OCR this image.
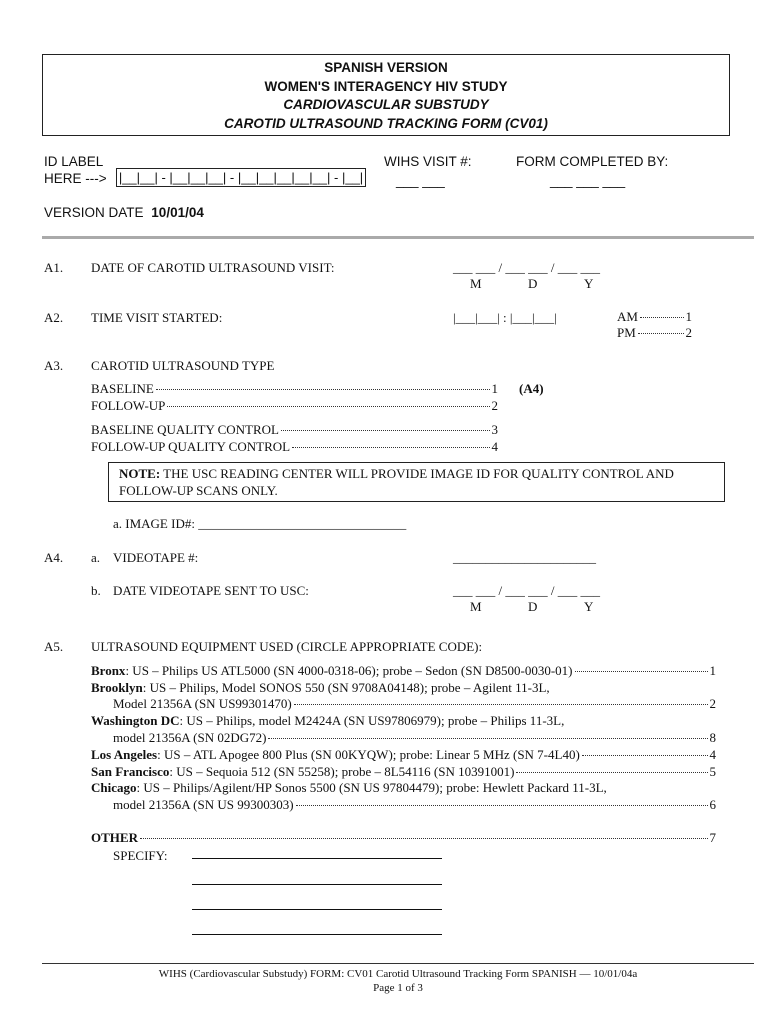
SPANISH VERSION
WOMEN'S INTERAGENCY HIV STUDY
CARDIOVASCULAR SUBSTUDY
CAROTID ULTRASOUND TRACKING FORM (CV01)
ID LABEL
HERE ---> |__|__| - |__|__|__| - |__|__|__|__|__| - |__|
WIHS VISIT #:
___ ___
FORM COMPLETED BY:
___ ___ ___
VERSION DATE 10/01/04
A1. DATE OF CAROTID ULTRASOUND VISIT:	___ ___ / ___ ___ / ___ ___
M	D	Y
A2. TIME VISIT STARTED:	|___|___| : |___|___|	AM	1
PM	2
A3. CAROTID ULTRASOUND TYPE
BASELINE	1
FOLLOW-UP	2
(A4)
BASELINE QUALITY CONTROL	3
FOLLOW-UP QUALITY CONTROL	4
NOTE: THE USC READING CENTER WILL PROVIDE IMAGE ID FOR QUALITY CONTROL AND
FOLLOW-UP SCANS ONLY.
a. IMAGE ID#: ________________________________
A4. a. VIDEOTAPE #:	______________________
b. DATE VIDEOTAPE SENT TO USC:	___ ___ / ___ ___ / ___ ___
M	D	Y
A5. ULTRASOUND EQUIPMENT USED (CIRCLE APPROPRIATE CODE):
Bronx: US – Philips US ATL5000 (SN 4000-0318-06); probe – Sedon (SN D8500-0030-01)	1
Brooklyn: US – Philips, Model SONOS 550 (SN 9708A04148); probe – Agilent 11-3L,
Model 21356A (SN US99301470)	2
Washington DC: US – Philips, model M2424A (SN US97806979); probe – Philips 11-3L,
model 21356A (SN 02DG72)	8
Los Angeles: US – ATL Apogee 800 Plus (SN 00KYQW); probe: Linear 5 MHz (SN 7-4L40)	4
San Francisco: US – Sequoia 512 (SN 55258); probe – 8L54116 (SN 10391001)	5
Chicago: US – Philips/Agilent/HP Sonos 5500 (SN US 97804479); probe: Hewlett Packard 11-3L,
model 21356A (SN US 99300303)	6
OTHER	7
SPECIFY:
WIHS (Cardiovascular Substudy) FORM: CV01 Carotid Ultrasound Tracking Form SPANISH — 10/01/04a
Page 1 of 3
